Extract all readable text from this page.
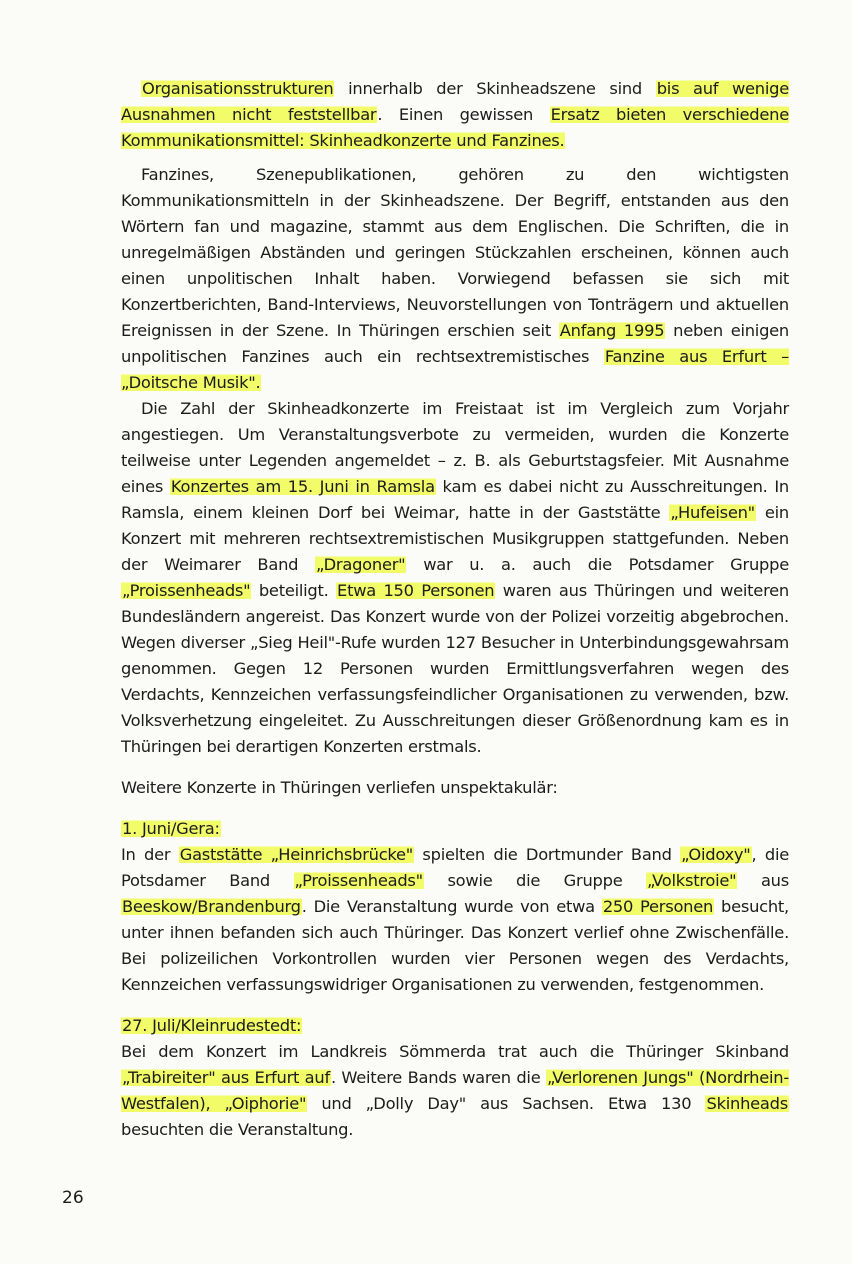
Organisationsstrukturen innerhalb der Skinheadszene sind bis auf wenige Ausnahmen nicht feststellbar. Einen gewissen Ersatz bieten verschiedene Kommunikationsmittel: Skinheadkonzerte und Fanzines.

Fanzines, Szenepublikationen, gehören zu den wichtigsten Kommunikationsmitteln in der Skinheadszene. Der Begriff, entstanden aus den Wörtern fan und magazine, stammt aus dem Englischen. Die Schriften, die in unregelmäßigen Abständen und geringen Stückzahlen erscheinen, können auch einen unpolitischen Inhalt haben. Vorwiegend befassen sie sich mit Konzertberichten, Band-Interviews, Neuvorstellungen von Tonträgern und aktuellen Ereignissen in der Szene. In Thüringen erschien seit Anfang 1995 neben einigen unpolitischen Fanzines auch ein rechtsextremistisches Fanzine aus Erfurt – „Doitsche Musik".

Die Zahl der Skinheadkonzerte im Freistaat ist im Vergleich zum Vorjahr angestiegen. Um Veranstaltungsverbote zu vermeiden, wurden die Konzerte teilweise unter Legenden angemeldet – z. B. als Geburtstagsfeier. Mit Ausnahme eines Konzertes am 15. Juni in Ramsla kam es dabei nicht zu Ausschreitungen. In Ramsla, einem kleinen Dorf bei Weimar, hatte in der Gaststätte „Hufeisen" ein Konzert mit mehreren rechtsextremistischen Musikgruppen stattgefunden. Neben der Weimarer Band „Dragoner" war u. a. auch die Potsdamer Gruppe „Proissenheads" beteiligt. Etwa 150 Personen waren aus Thüringen und weiteren Bundesländern angereist. Das Konzert wurde von der Polizei vorzeitig abgebrochen. Wegen diverser „Sieg Heil"-Rufe wurden 127 Besucher in Unterbindungsgewahrsam genommen. Gegen 12 Personen wurden Ermittlungsverfahren wegen des Verdachts, Kennzeichen verfassungsfeindlicher Organisationen zu verwenden, bzw. Volksverhetzung eingeleitet. Zu Ausschreitungen dieser Größenordnung kam es in Thüringen bei derartigen Konzerten erstmals.

Weitere Konzerte in Thüringen verliefen unspektakulär:

1. Juni/Gera:

In der Gaststätte „Heinrichsbrücke" spielten die Dortmunder Band „Oidoxy", die Potsdamer Band „Proissenheads" sowie die Gruppe „Volkstroie" aus Beeskow/Brandenburg. Die Veranstaltung wurde von etwa 250 Personen besucht, unter ihnen befanden sich auch Thüringer. Das Konzert verlief ohne Zwischenfälle. Bei polizeilichen Vorkontrollen wurden vier Personen wegen des Verdachts, Kennzeichen verfassungswidriger Organisationen zu verwenden, festgenommen.

27. Juli/Kleinrudestedt:

Bei dem Konzert im Landkreis Sömmerda trat auch die Thüringer Skinband „Trabireiter" aus Erfurt auf. Weitere Bands waren die „Verlorenen Jungs" (Nordrhein-Westfalen), „Oiphorie" und „Dolly Day" aus Sachsen. Etwa 130 Skinheads besuchten die Veranstaltung.

26
